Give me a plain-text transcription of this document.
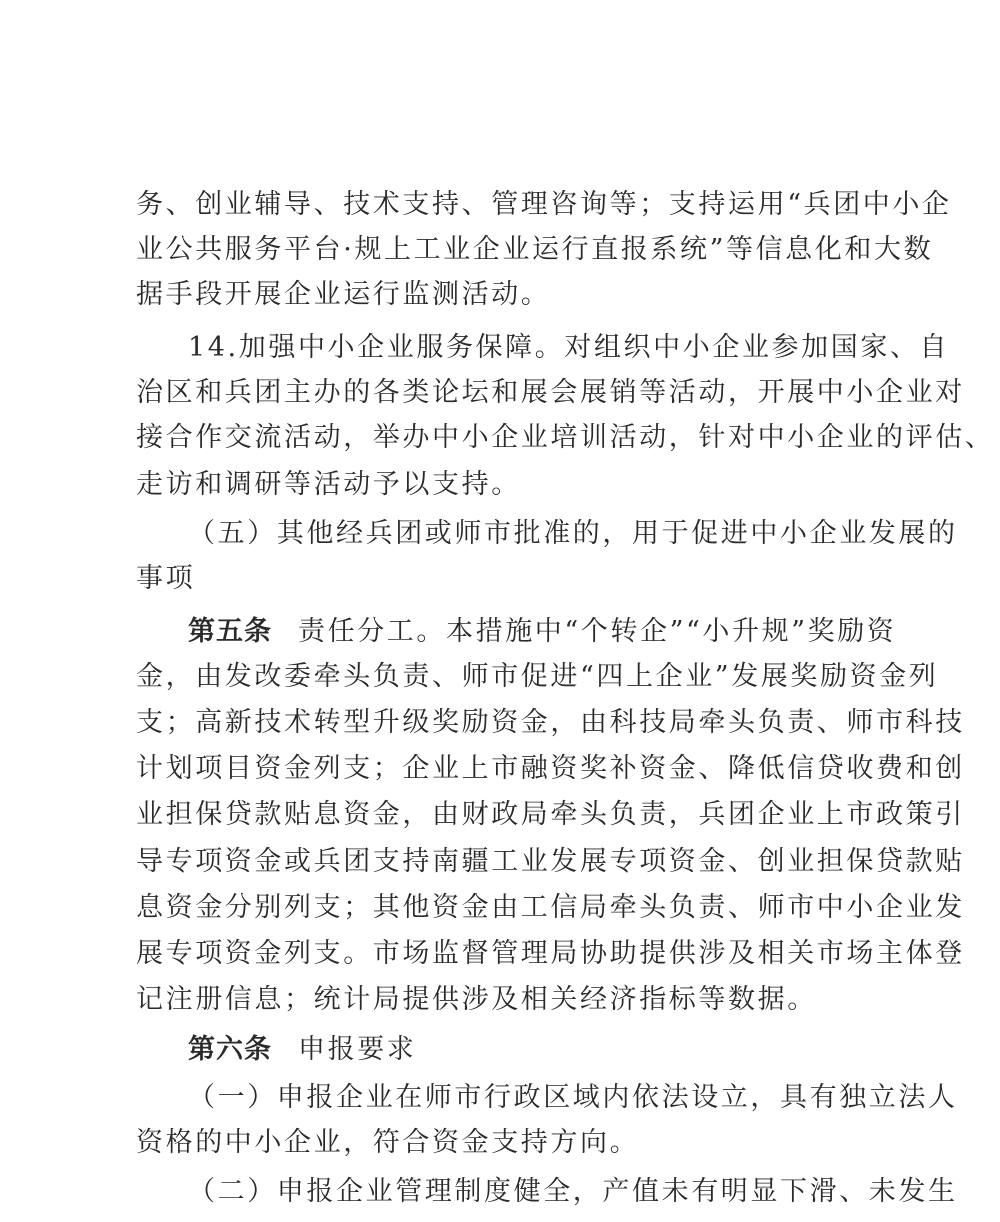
务、创业辅导、技术支持、管理咨询等；支持运用“兵团中小企
业公共服务平台·规上工业企业运行直报系统”等信息化和大数
据手段开展企业运行监测活动。
14.加强中小企业服务保障。对组织中小企业参加国家、自
治区和兵团主办的各类论坛和展会展销等活动，开展中小企业对
接合作交流活动，举办中小企业培训活动，针对中小企业的评估、
走访和调研等活动予以支持。
（五）其他经兵团或师市批准的，用于促进中小企业发展的
事项
第五条 责任分工。本措施中“个转企”“小升规”奖励资
金，由发改委牵头负责、师市促进“四上企业”发展奖励资金列
支；高新技术转型升级奖励资金，由科技局牵头负责、师市科技
计划项目资金列支；企业上市融资奖补资金、降低信贷收费和创
业担保贷款贴息资金，由财政局牵头负责，兵团企业上市政策引
导专项资金或兵团支持南疆工业发展专项资金、创业担保贷款贴
息资金分别列支；其他资金由工信局牵头负责、师市中小企业发
展专项资金列支。市场监督管理局协助提供涉及相关市场主体登
记注册信息；统计局提供涉及相关经济指标等数据。
第六条 申报要求
（一）申报企业在师市行政区域内依法设立，具有独立法人
资格的中小企业，符合资金支持方向。
（二）申报企业管理制度健全，产值未有明显下滑、未发生
